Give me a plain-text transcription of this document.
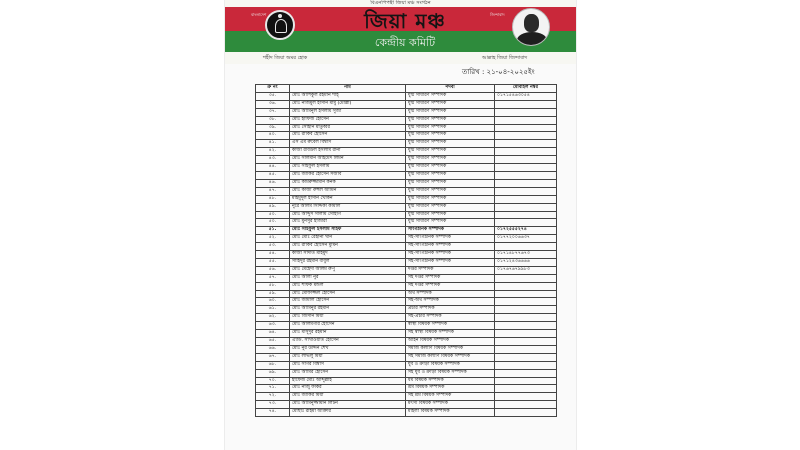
বিএনপিপন্থী জিয়া মঞ্চ সংগঠন
বাংলাদেশ	জিন্দাবাদ
জিয়া মঞ্চ
কেন্দ্রীয় কমিটি
শহীদ জিয়া অমর হোক	আল্লাহ জিয়া জিন্দাবাদ
তারিখ : ২১-০৪-২০২৫ইং
ক্র নং	নাম	পদবী	মোবাইল নম্বর
৩৫.	মোঃ আশিকুল রহমান শাহ্	যুগ্ম সাধারণ সম্পাদক	০১৭১৫৪৬৩০৫৪
৩৬.	মোঃ নাজমুল হাসান মামু (মোল্লা)	যুগ্ম সাধারণ সম্পাদক	
৩৭.	মোঃ আমিনুল ইসলাম সুজা	যুগ্ম সাধারণ সম্পাদক	
৩৮.	মোঃ হাফিজ হোসেন	যুগ্ম সাধারণ সম্পাদক	
৩৯.	মোঃ সোহান মাতুব্বর	যুগ্ম সাধারণ সম্পাদক	
৪০.	মোঃ রাকিব হোসেন	যুগ্ম সাধারণ সম্পাদক	
৪১.	এস এম রুবেল বিশ্বাস	যুগ্ম সাধারণ সম্পাদক	
৪২.	কাজী রবিউল ইসলাম রানা	যুগ্ম সাধারণ সম্পাদক	
৪৩.	মোঃ সালমান আহমেদ লিমন	যুগ্ম সাধারণ সম্পাদক	
৪৪.	মোঃ সাইফুল ইসলাম	যুগ্ম সাধারণ সম্পাদক	
৪৫.	মোঃ জাকির হোসেন সজীব	যুগ্ম সাধারণ সম্পাদক	
৪৬.	মোঃ কামরুজ্জামান কনক	যুগ্ম সাধারণ সম্পাদক	
৪৭.	মোঃ কাজী রুহুল আমিন	যুগ্ম সাধারণ সম্পাদক	
৪৮.	মাহমুদুল হাসান খোকন	যুগ্ম সাধারণ সম্পাদক	
৪৯.	নুরে আলম সিদ্দিকী কামাল	যুগ্ম সাধারণ সম্পাদক	
৫০.	মোঃ আব্দুস সালাম সোহাগ	যুগ্ম সাধারণ সম্পাদক	
৫০.	মোঃ মুনসুর হাজারা	যুগ্ম সাধারণ সম্পাদক	
৫১.	মোঃ সাইফুল ইসলাম সাইফ	সাংগঠনিক সম্পাদক	০১৭২৫৫৫২৭৪
৫২.	মোঃ মোঃ রেহানা খান	সহ-সাংগঠনিক সম্পাদক	০১৭৭২০০৬৬৩৭
৫৩.	মোঃ রাকিব হোসেন মুমিন	সহ-সাংগঠনিক সম্পাদক	
৫৪.	কাজী সাদাত মাহমুদ	সহ-সাংগঠনিক সম্পাদক	০১৭১৪৮৭৭৬৭৩
৫৫.	সাহিদুর রহমান বাবুল	সহ-সাংগঠনিক সম্পাদক	০১৭১২৪৩৬৬৬৬
৫৬.	মোঃ মেহেদী আলম রুপু	দপ্তর সম্পাদক	০১৭৬৭৬৭৯৯৮৩
৫৭.	মোঃ আলী নুর	সহ দপ্তর সম্পাদক	
৫৮.	মোঃ শফিক মন্ডল	সহ দপ্তর সম্পাদক	
৫৯.	মোঃ মোফাজ্জল হোসেন	অর্থ সম্পাদক	
৬০.	মোঃ জামাল হোসেন	সহ-অর্থ সম্পাদক	
৬১.	মোঃ আমিনুর রহমান	প্রচার সম্পাদক	
৬২.	মোঃ জিসান মিয়া	সহ-প্রচার সম্পাদক	
৬৩.	মোঃ আলমগীর হোসেন	স্বাস্থ্য বিষয়ক সম্পাদক	
৬৪.	মোঃ মাসুদুর রহমান	সহ স্বাস্থ্য বিষয়ক সম্পাদক	
৬৫.	এ্যাড. সাখাওয়াত হোসেন	আইন বিষয়ক সম্পাদক	
৬৬.	মোঃ নুর উদ্দিন শেখ	সমাজ কল্যাণ বিষয়ক সম্পাদক	
৬৭.	মোঃ লাভলু মিয়া	সহ সমাজ কল্যাণ বিষয়ক সম্পাদক	
৬৮.	মোঃ সাগর বিশ্বাস	যুব ও ক্রীড়া বিষয়ক সম্পাদক	
৬৯.	মোঃ আমির হোসেন	সহ যুব ও ক্রীড়া বিষয়ক সম্পাদক	
৭০.	হাফেজ মোঃ আব্দুল্লাহ	ধর্ম বিষয়ক সম্পাদক	
৭১.	মোঃ নাজু ফকির	শ্রম বিষয়ক সম্পাদক	
৭২.	মোঃ জাকির মিয়া	সহ শ্রম বিষয়ক সম্পাদক	
৭৩.	মোঃ আমিনুজ্জামান লিটন	মৎস্য বিষয়ক সম্পাদক	
৭৪.	মোছাঃ রহিমা আক্তার	মহিলা বিষয়ক সম্পাদক	
